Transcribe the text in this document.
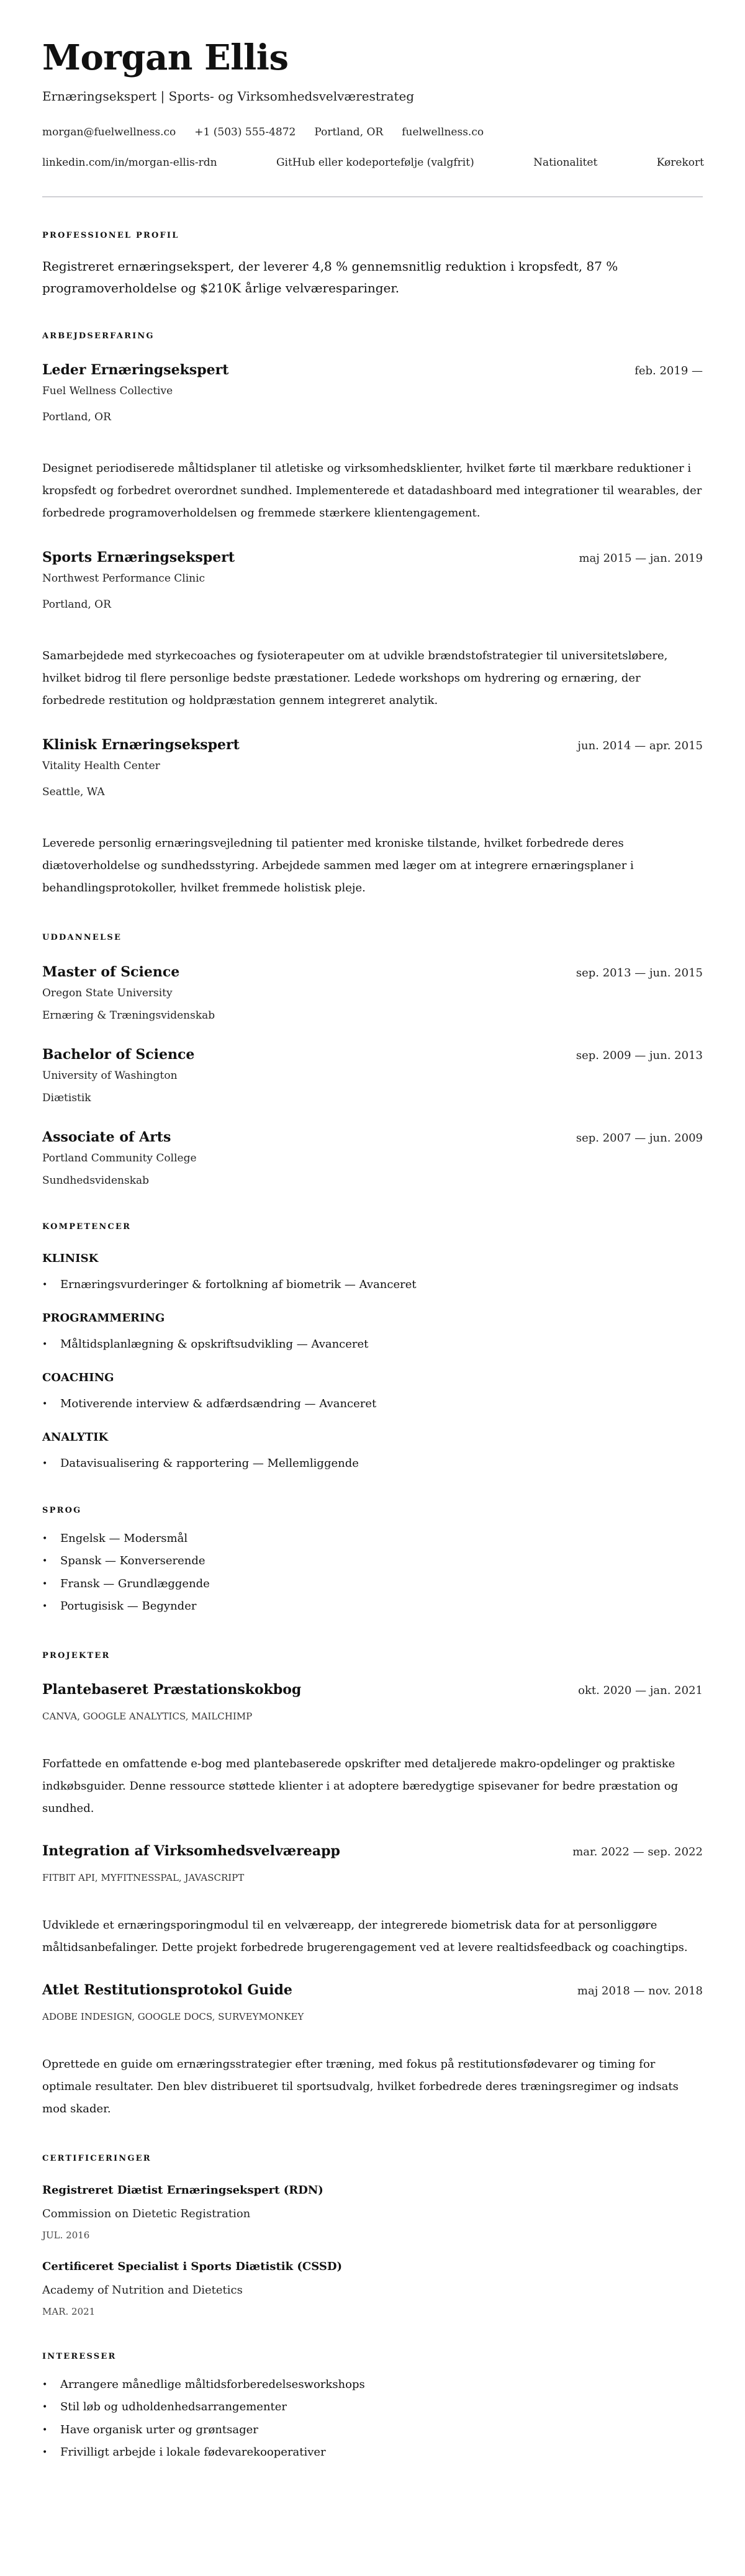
Morgan Ellis
Ernæringsekspert | Sports- og Virksomhedsvelværestrateg
morgan@fuelwellness.co +1 (503) 555-4872 Portland, OR fuelwellness.co
linkedin.com/in/morgan-ellis-rdn	GitHub eller kodeportefølje (valgfrit)	Nationalitet	Kørekort
PROFESSIONEL PROFIL

Registreret ernæringsekspert, der leverer 4,8 % gennemsnitlig reduktion i kropsfedt, 87 % programoverholdelse og $210K årlige velværesparinger.

ARBEJDSERFARING
Leder Ernæringsekspert	feb. 2019 —
Fuel Wellness Collective
Portland, OR
Designet periodiserede måltidsplaner til atletiske og virksomhedsklienter, hvilket førte til mærkbare reduktioner i kropsfedt og forbedret overordnet sundhed. Implementerede et datadashboard med integrationer til wearables, der forbedrede programoverholdelsen og fremmede stærkere klientengagement.
Sports Ernæringsekspert	maj 2015 — jan. 2019
Northwest Performance Clinic
Portland, OR
Samarbejdede med styrkecoaches og fysioterapeuter om at udvikle brændstofstrategier til universitetsløbere, hvilket bidrog til flere personlige bedste præstationer. Ledede workshops om hydrering og ernæring, der forbedrede restitution og holdpræstation gennem integreret analytik.
Klinisk Ernæringsekspert	jun. 2014 — apr. 2015
Vitality Health Center
Seattle, WA
Leverede personlig ernæringsvejledning til patienter med kroniske tilstande, hvilket forbedrede deres diætoverholdelse og sundhedsstyring. Arbejdede sammen med læger om at integrere ernæringsplaner i behandlingsprotokoller, hvilket fremmede holistisk pleje.
UDDANNELSE
Master of Science	sep. 2013 — jun. 2015
Oregon State University
Ernæring & Træningsvidenskab
Bachelor of Science	sep. 2009 — jun. 2013
University of Washington
Diætistik
Associate of Arts	sep. 2007 — jun. 2009
Portland Community College
Sundhedsvidenskab
KOMPETENCER
KLINISK
• Ernæringsvurderinger & fortolkning af biometrik — Avanceret
PROGRAMMERING
• Måltidsplanlægning & opskriftsudvikling — Avanceret
COACHING
• Motiverende interview & adfærdsændring — Avanceret
ANALYTIK
• Datavisualisering & rapportering — Mellemliggende
SPROG
• Engelsk — Modersmål
• Spansk — Konverserende
• Fransk — Grundlæggende
• Portugisisk — Begynder
PROJEKTER
Plantebaseret Præstationskokbog	okt. 2020 — jan. 2021
CANVA, GOOGLE ANALYTICS, MAILCHIMP
Forfattede en omfattende e-bog med plantebaserede opskrifter med detaljerede makro-opdelinger og praktiske indkøbsguider. Denne ressource støttede klienter i at adoptere bæredygtige spisevaner for bedre præstation og sundhed.
Integration af Virksomhedsvelværeapp	mar. 2022 — sep. 2022
FITBIT API, MYFITNESSPAL, JAVASCRIPT
Udviklede et ernæringsporingmodul til en velværeapp, der integrerede biometrisk data for at personliggøre måltidsanbefalinger. Dette projekt forbedrede brugerengagement ved at levere realtidsfeedback og coachingtips.
Atlet Restitutionsprotokol Guide	maj 2018 — nov. 2018
ADOBE INDESIGN, GOOGLE DOCS, SURVEYMONKEY
Oprettede en guide om ernæringsstrategier efter træning, med fokus på restitutionsfødevarer og timing for optimale resultater. Den blev distribueret til sportsudvalg, hvilket forbedrede deres træningsregimer og indsats mod skader.
CERTIFICERINGER
Registreret Diætist Ernæringsekspert (RDN)
Commission on Dietetic Registration
JUL. 2016
Certificeret Specialist i Sports Diætistik (CSSD)
Academy of Nutrition and Dietetics
MAR. 2021
INTERESSER
• Arrangere månedlige måltidsforberedelsesworkshops
• Stil løb og udholdenhedsarrangementer
• Have organisk urter og grøntsager
• Frivilligt arbejde i lokale fødevarekooperativer
